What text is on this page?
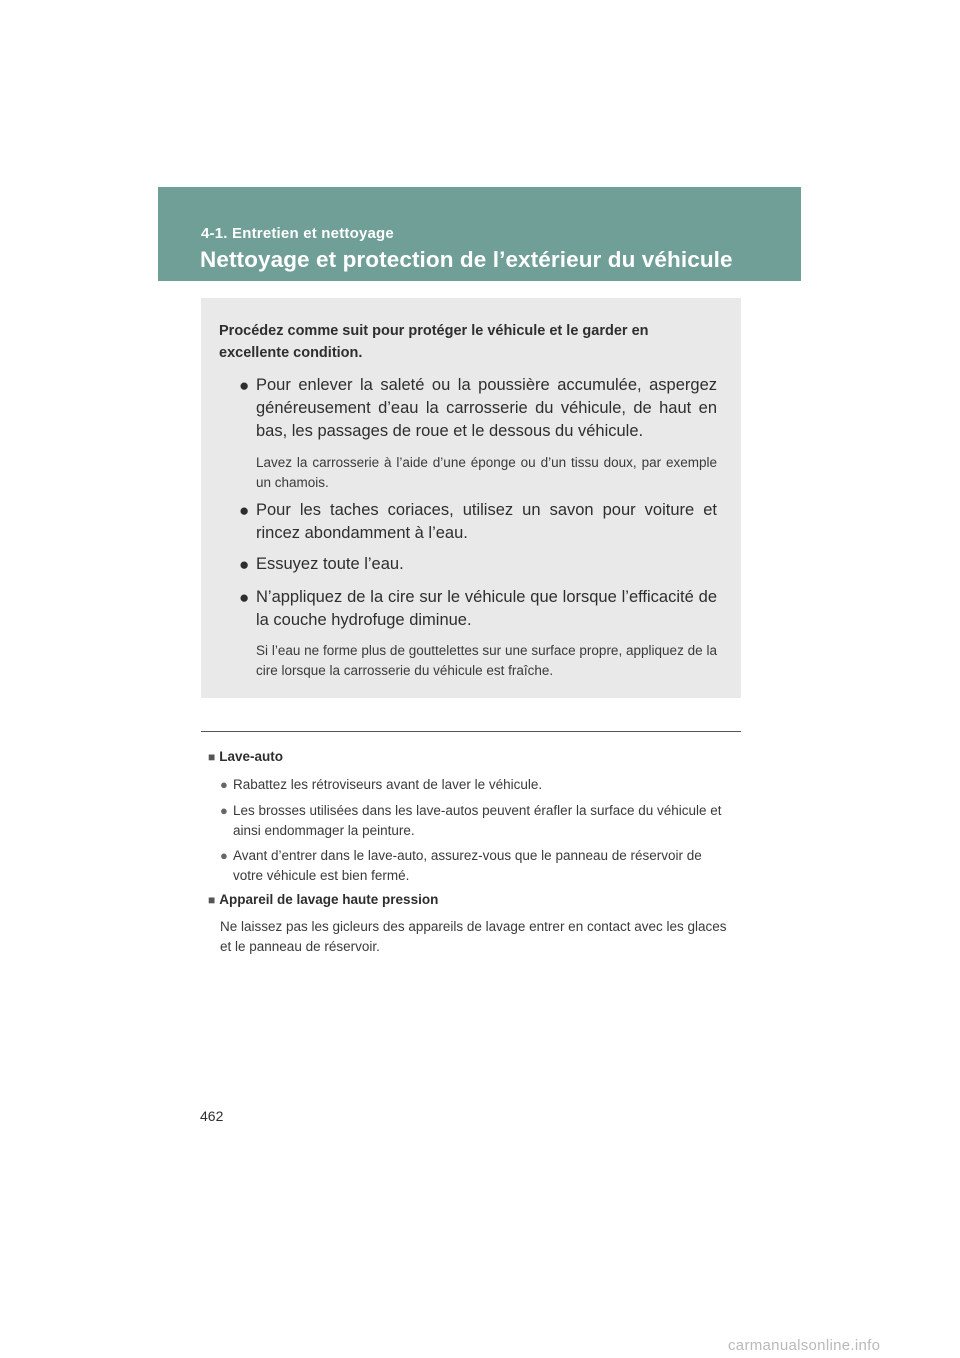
4-1. Entretien et nettoyage
Nettoyage et protection de l’extérieur du véhicule

Procédez comme suit pour protéger le véhicule et le garder en excellente condition.

● Pour enlever la saleté ou la poussière accumulée, aspergez généreusement d’eau la carrosserie du véhicule, de haut en bas, les passages de roue et le dessous du véhicule.
Lavez la carrosserie à l’aide d’une éponge ou d’un tissu doux, par exemple un chamois.
● Pour les taches coriaces, utilisez un savon pour voiture et rincez abondamment à l’eau.
● Essuyez toute l’eau.
● N’appliquez de la cire sur le véhicule que lorsque l’efficacité de la couche hydrofuge diminue.
Si l’eau ne forme plus de gouttelettes sur une surface propre, appliquez de la cire lorsque la carrosserie du véhicule est fraîche.
■ Lave-auto
● Rabattez les rétroviseurs avant de laver le véhicule.
● Les brosses utilisées dans les lave-autos peuvent érafler la surface du véhicule et ainsi endommager la peinture.
● Avant d’entrer dans le lave-auto, assurez-vous que le panneau de réservoir de votre véhicule est bien fermé.
■ Appareil de lavage haute pression
Ne laissez pas les gicleurs des appareils de lavage entrer en contact avec les glaces et le panneau de réservoir.
462
carmanualsonline.info
